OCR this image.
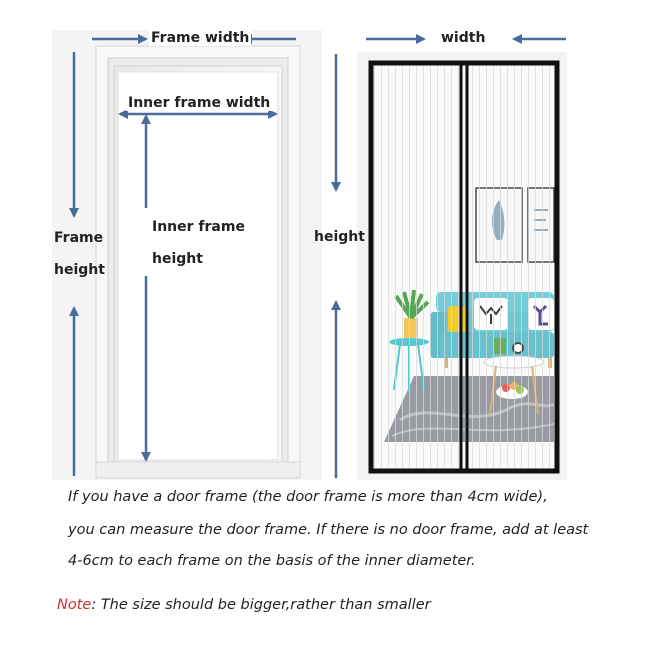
Frame width
Inner frame width
Inner frame
height
Frame
height
width
height
If you have a door frame (the door frame is more than 4cm wide),
you can measure the door frame. If there is no door frame, add at least
4-6cm to each frame on the basis of the inner diameter.
Note: The size should be bigger,rather than smaller
